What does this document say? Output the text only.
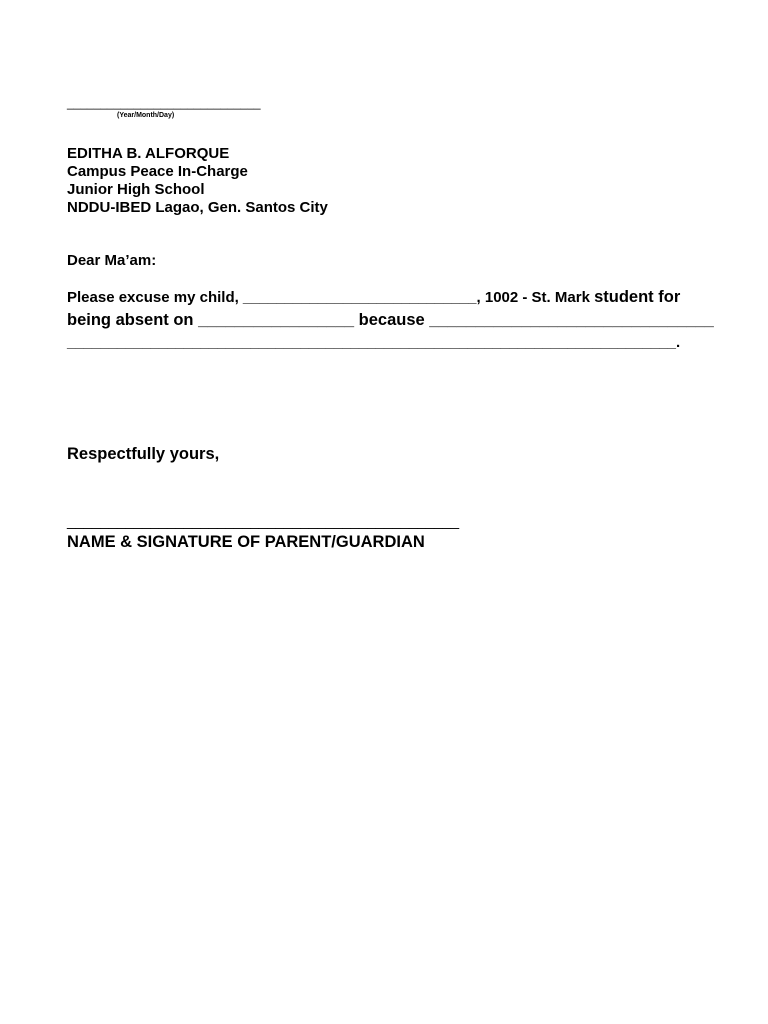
_____________________________
(Year/Month/Day)
EDITHA B. ALFORQUE
Campus Peace In-Charge
Junior High School
NDDU-IBED Lagao, Gen. Santos City
Dear Ma’am:
Please excuse my child, ____________________________, 1002 - St. Mark student for
being absent on _________________ because _______________________________
_________________________________________________________________________.
Respectfully yours,
_______________________________________________
NAME & SIGNATURE OF PARENT/GUARDIAN
